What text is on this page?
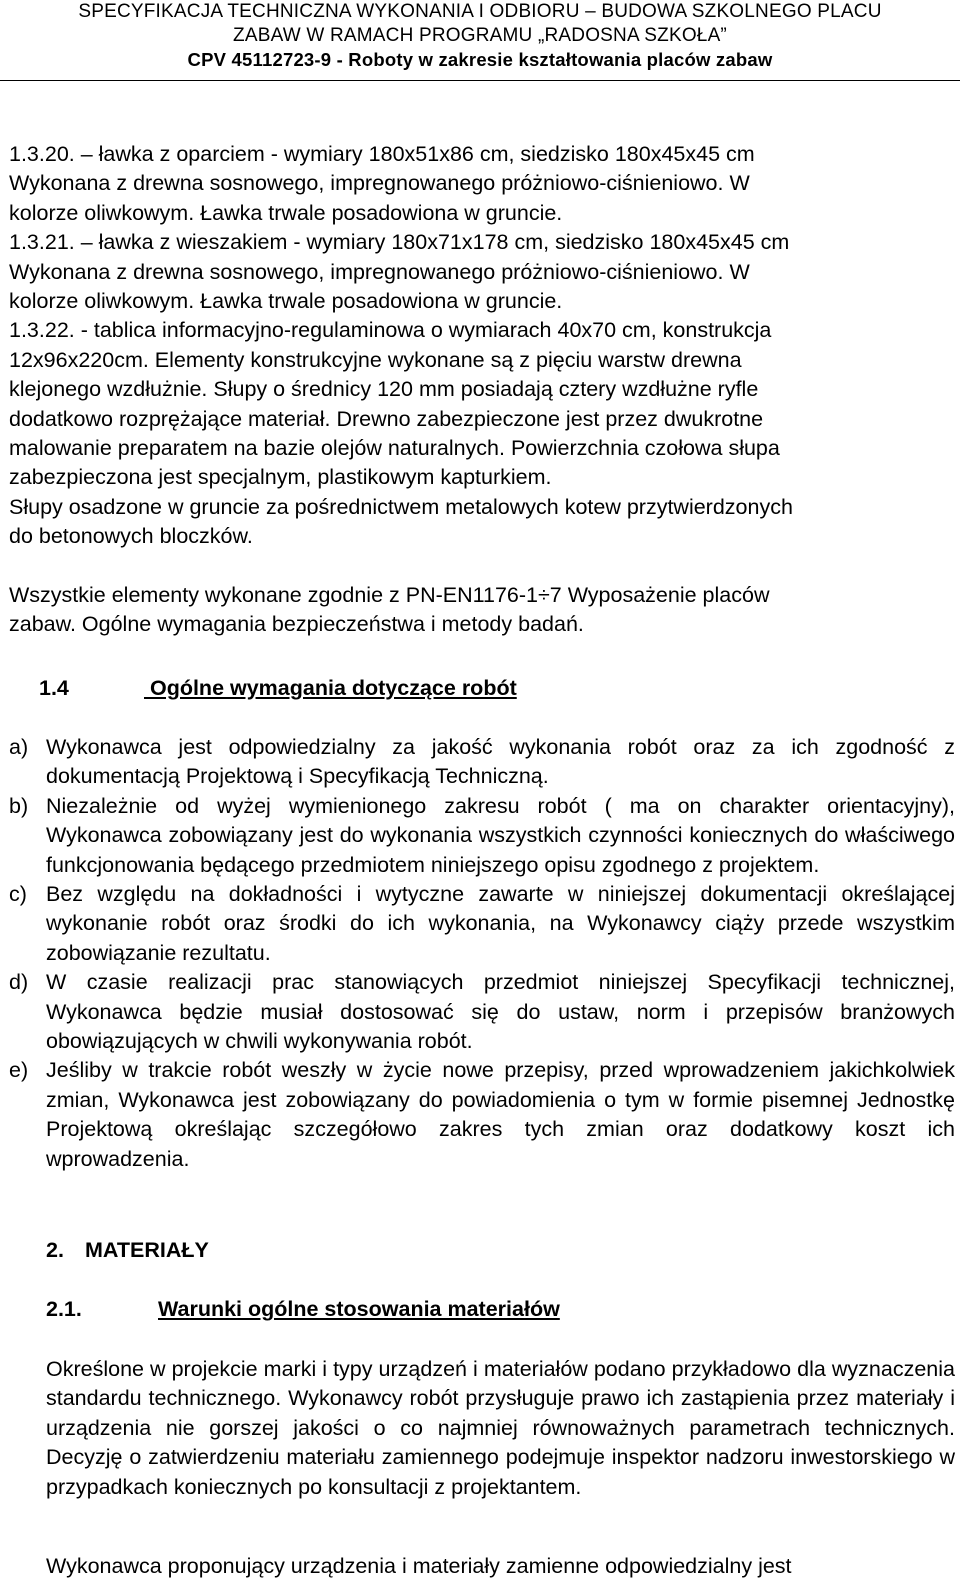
SPECYFIKACJA TECHNICZNA WYKONANIA I ODBIORU – BUDOWA SZKOLNEGO PLACU
ZABAW W RAMACH PROGRAMU „RADOSNA SZKOŁA”
CPV 45112723-9 - Roboty w zakresie kształtowania placów zabaw

1.3.20. – ławka z oparciem - wymiary 180x51x86 cm, siedzisko 180x45x45 cm

Wykonana z drewna sosnowego, impregnowanego próżniowo-ciśnieniowo. W

kolorze oliwkowym. Ławka trwale posadowiona w gruncie.

1.3.21. – ławka z wieszakiem - wymiary 180x71x178 cm, siedzisko 180x45x45 cm

Wykonana z drewna sosnowego, impregnowanego próżniowo-ciśnieniowo. W

kolorze oliwkowym. Ławka trwale posadowiona w gruncie.

1.3.22. - tablica informacyjno-regulaminowa o wymiarach 40x70 cm, konstrukcja

12x96x220cm. Elementy konstrukcyjne wykonane są z pięciu warstw drewna

klejonego wzdłużnie. Słupy o średnicy 120 mm posiadają cztery wzdłużne ryfle

dodatkowo rozprężające materiał. Drewno zabezpieczone jest przez dwukrotne

malowanie preparatem na bazie olejów naturalnych. Powierzchnia czołowa słupa

zabezpieczona jest specjalnym, plastikowym kapturkiem.

Słupy osadzone w gruncie za pośrednictwem metalowych kotew przytwierdzonych

do betonowych bloczków.

Wszystkie elementy wykonane zgodnie z PN-EN1176-1÷7 Wyposażenie placów

zabaw. Ogólne wymagania bezpieczeństwa i metody badań.

1.4	Ogólne wymagania dotyczące robót

a) Wykonawca jest odpowiedzialny za jakość wykonania robót oraz za ich zgodność z dokumentacją Projektową i Specyfikacją Techniczną.

b) Niezależnie od wyżej wymienionego zakresu robót ( ma on charakter orientacyjny), Wykonawca zobowiązany jest do wykonania wszystkich czynności koniecznych do właściwego funkcjonowania będącego przedmiotem niniejszego opisu zgodnego z projektem.

c) Bez względu na dokładności i wytyczne zawarte w niniejszej dokumentacji określającej wykonanie robót oraz środki do ich wykonania, na Wykonawcy ciąży przede wszystkim zobowiązanie rezultatu.

d) W czasie realizacji prac stanowiących przedmiot niniejszej Specyfikacji technicznej, Wykonawca będzie musiał dostosować się do ustaw, norm i przepisów branżowych obowiązujących w chwili wykonywania robót.

e) Jeśliby w trakcie robót weszły w życie nowe przepisy, przed wprowadzeniem jakichkolwiek zmian, Wykonawca jest zobowiązany do powiadomienia o tym w formie pisemnej Jednostkę Projektową określając szczegółowo zakres tych zmian oraz dodatkowy koszt ich wprowadzenia.

2. MATERIAŁY
2.1.	Warunki ogólne stosowania materiałów

Określone w projekcie marki i typy urządzeń i materiałów podano przykładowo dla wyznaczenia standardu technicznego. Wykonawcy robót przysługuje prawo ich zastąpienia przez materiały i urządzenia nie gorszej jakości o co najmniej równoważnych parametrach technicznych. Decyzję o zatwierdzeniu materiału zamiennego podejmuje inspektor nadzoru inwestorskiego w przypadkach koniecznych po konsultacji z projektantem.

Wykonawca proponujący urządzenia i materiały zamienne odpowiedzialny jest
